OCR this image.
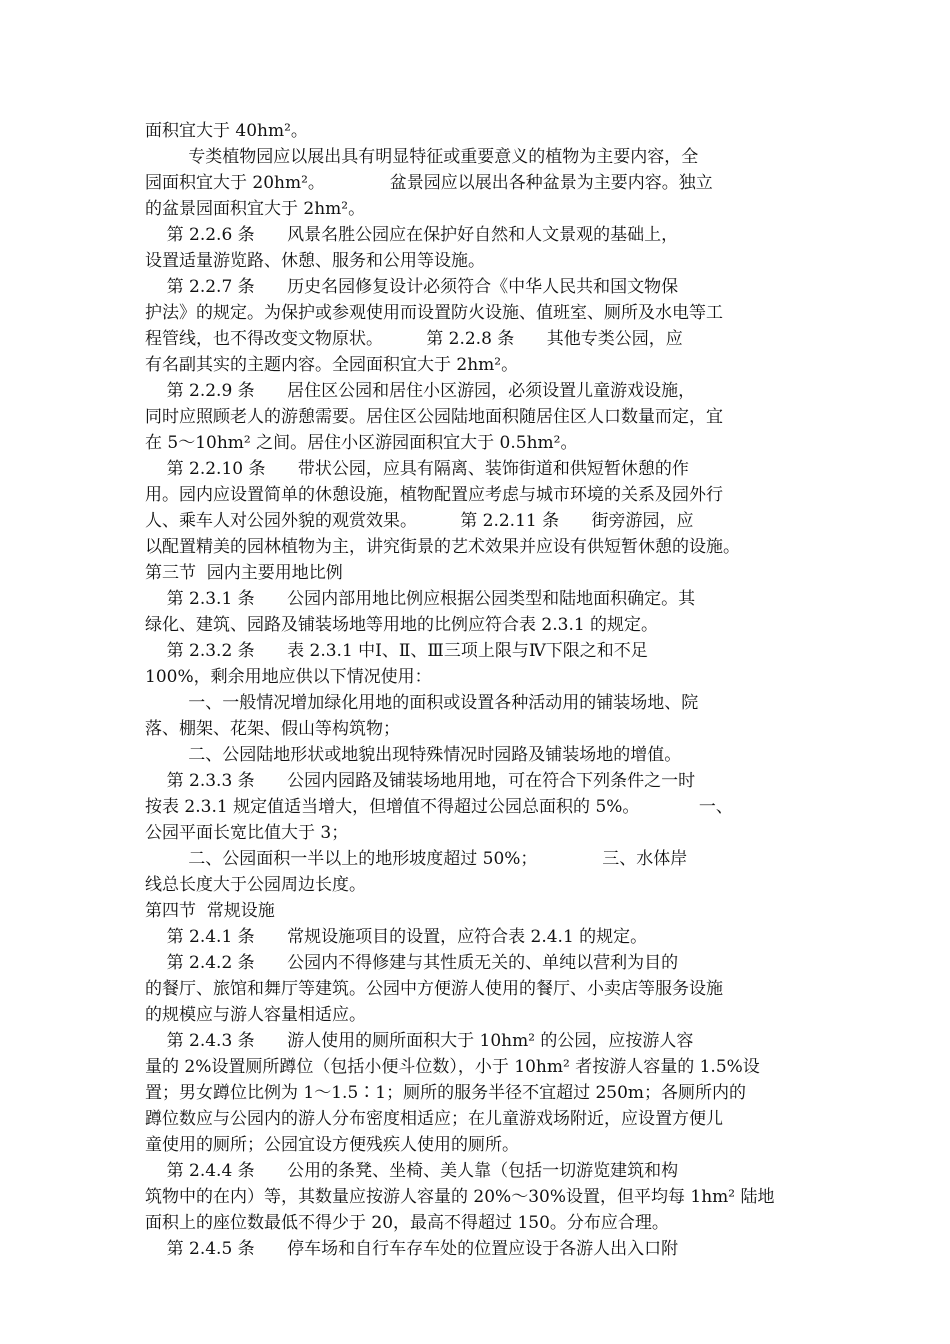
面积宜大于 40hm²。
专类植物园应以展出具有明显特征或重要意义的植物为主要内容，全
园面积宜大于 20hm²。            盆景园应以展出各种盆景为主要内容。独立
的盆景园面积宜大于 2hm²。
第 2.2.6 条      风景名胜公园应在保护好自然和人文景观的基础上，
设置适量游览路、休憩、服务和公用等设施。
第 2.2.7 条      历史名园修复设计必须符合《中华人民共和国文物保
护法》的规定。为保护或参观使用而设置防火设施、值班室、厕所及水电等工
程管线，也不得改变文物原状。        第 2.2.8 条      其他专类公园，应
有名副其实的主题内容。全园面积宜大于 2hm²。
第 2.2.9 条      居住区公园和居住小区游园，必须设置儿童游戏设施，
同时应照顾老人的游憩需要。居住区公园陆地面积随居住区人口数量而定，宜
在 5～10hm² 之间。居住小区游园面积宜大于 0.5hm²。
第 2.2.10 条      带状公园，应具有隔离、装饰街道和供短暂休憩的作
用。园内应设置简单的休憩设施，植物配置应考虑与城市环境的关系及园外行
人、乘车人对公园外貌的观赏效果。        第 2.2.11 条      街旁游园，应
以配置精美的园林植物为主，讲究街景的艺术效果并应设有供短暂休憩的设施。
第三节  园内主要用地比例
第 2.3.1 条      公园内部用地比例应根据公园类型和陆地面积确定。其
绿化、建筑、园路及铺装场地等用地的比例应符合表 2.3.1 的规定。
第 2.3.2 条      表 2.3.1 中Ⅰ、Ⅱ、Ⅲ三项上限与Ⅳ下限之和不足
100%，剩余用地应供以下情况使用：
一、一般情况增加绿化用地的面积或设置各种活动用的铺装场地、院
落、棚架、花架、假山等构筑物；
二、公园陆地形状或地貌出现特殊情况时园路及铺装场地的增值。
第 2.3.3 条      公园内园路及铺装场地用地，可在符合下列条件之一时
按表 2.3.1 规定值适当增大，但增值不得超过公园总面积的 5%。           一、
公园平面长宽比值大于 3；
二、公园面积一半以上的地形坡度超过 50%；            三、水体岸
线总长度大于公园周边长度。
第四节  常规设施
第 2.4.1 条      常规设施项目的设置，应符合表 2.4.1 的规定。
第 2.4.2 条      公园内不得修建与其性质无关的、单纯以营利为目的
的餐厅、旅馆和舞厅等建筑。公园中方便游人使用的餐厅、小卖店等服务设施
的规模应与游人容量相适应。
第 2.4.3 条      游人使用的厕所面积大于 10hm² 的公园，应按游人容
量的 2%设置厕所蹲位（包括小便斗位数），小于 10hm² 者按游人容量的 1.5%设
置；男女蹲位比例为 1～1.5∶1；厕所的服务半径不宜超过 250m；各厕所内的
蹲位数应与公园内的游人分布密度相适应；在儿童游戏场附近，应设置方便儿
童使用的厕所；公园宜设方便残疾人使用的厕所。
第 2.4.4 条      公用的条凳、坐椅、美人靠（包括一切游览建筑和构
筑物中的在内）等，其数量应按游人容量的 20%～30%设置，但平均每 1hm² 陆地
面积上的座位数最低不得少于 20，最高不得超过 150。分布应合理。
第 2.4.5 条      停车场和自行车存车处的位置应设于各游人出入口附
